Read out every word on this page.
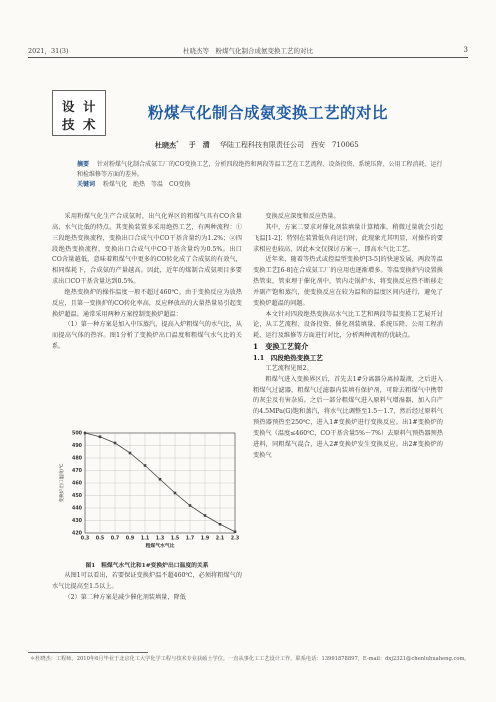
2021，31(3)	杜晓杰等　粉煤气化制合成氨变换工艺的对比	3
设 计
技 术
粉煤气化制合成氨变换工艺的对比
杜晓杰* 于　清 华陆工程科技有限责任公司　西安　710065
摘要 针对粉煤气化制合成氨工厂的CO变换工艺，分析四段绝热和两段等温工艺在工艺流程、设备投资、系统压降、公用工程消耗、运行和检维修等方面的差异。
关键词 粉煤气化　绝热　等温　CO变换

采用粉煤气化生产合成氨时，出气化界区的粗煤气具有CO含量高、水气比低的特点。其变换装置多采用绝热工艺，有两种流程：①三段绝热变换流程，变换出口合成气中CO干基含量约为1.2%；②四段绝热变换流程，变换出口合成气中CO干基含量约为0.5%。出口CO含量越低，意味着粗煤气中更多的CO转化成了合成氨的有效气，相同煤耗下，合成氨的产量越高。因此，近年的煤制合成氨项目多要求出口CO干基含量达到0.5%。

绝热变换炉的操作温度一般不超过460℃。由于变换反应为放热反应，且第一变换炉的CO转化率高，反应释放出的大量热量易引起变换炉超温。通常采用两种方案控制变换炉超温：

（1）第一种方案是加入中压蒸汽，提高入炉粗煤气的水气比，从而提高气体的热容。图1分析了变换炉出口温度和粗煤气水气比的关系。

420
430
440
450
460
470
480
490
500
0.3 0.5 0.7 0.9 1.1 1.3 1.5 1.7 1.9 2.1 2.3
变换炉出口温度/℃
粗煤气水气比
图1　粗煤气水气比和1#变换炉出口温度的关系

从图1可以看出，若要保证变换炉温不超460℃，必须将粗煤气的水气比提高至1.5以上。

（2）第二种方案是减少催化剂装填量，降低

变换反应深度和反应热量。

其中，方案二要求对催化剂装填量计算精准，稍微过量就会引起飞温[1-2]；特别在装置低负荷运行时，此现象尤其明显，对操作的要求相应也较高，因此本文仅探讨方案一，即高水气比工艺。

近年来，随着等热式或控温型变换炉[3-5]的快速发展，两段等温变换工艺[6-8]在合成氨工厂的应用也逐渐增多。等温变换炉内设置换热管束，管束埋于催化剂中，管内走锅炉水，将变换反应热不断移走并副产饱和蒸汽，使变换反应在较为温和的温度区间内进行，避免了变换炉超温的问题。

本文针对四段绝热变换高水气比工艺和两段等温变换工艺展开讨论，从工艺流程、设备投资、催化剂装填量、系统压降、公用工程消耗、运行及维修等方面进行对比，分析两种流程的优缺点。

1　变换工艺简介

1.1　四段绝热变换工艺

工艺流程见图2。

粗煤气进入变换界区后，首先去1#分离器分离掉凝液，之后进入粗煤气过滤器，粗煤气过滤器内装填有保护剂，可除去粗煤气中携带的灰尘及有害杂质。之后一部分粗煤气进入原料气增湿器，加入自产的4.5MPa(G)饱和蒸汽，将水气比调整至1.5～1.7，然后经过原料气预热器预热至250℃，进入1#变换炉进行变换反应。出1#变换炉的变换气（温度≤460℃，CO干基含量5%～7%）去原料气预热器预热进料，同粗煤气混合，进入2#变换炉发生变换反应。出2#变换炉的变换气

＊杜晓杰：工程师。2010年6月毕业于北京化工大学化学工程与技术专业获硕士学位。一直从事化工工艺设计工作。联系电话：13991878897，E-mail：dxj2321@chenluhuaheng.com。
